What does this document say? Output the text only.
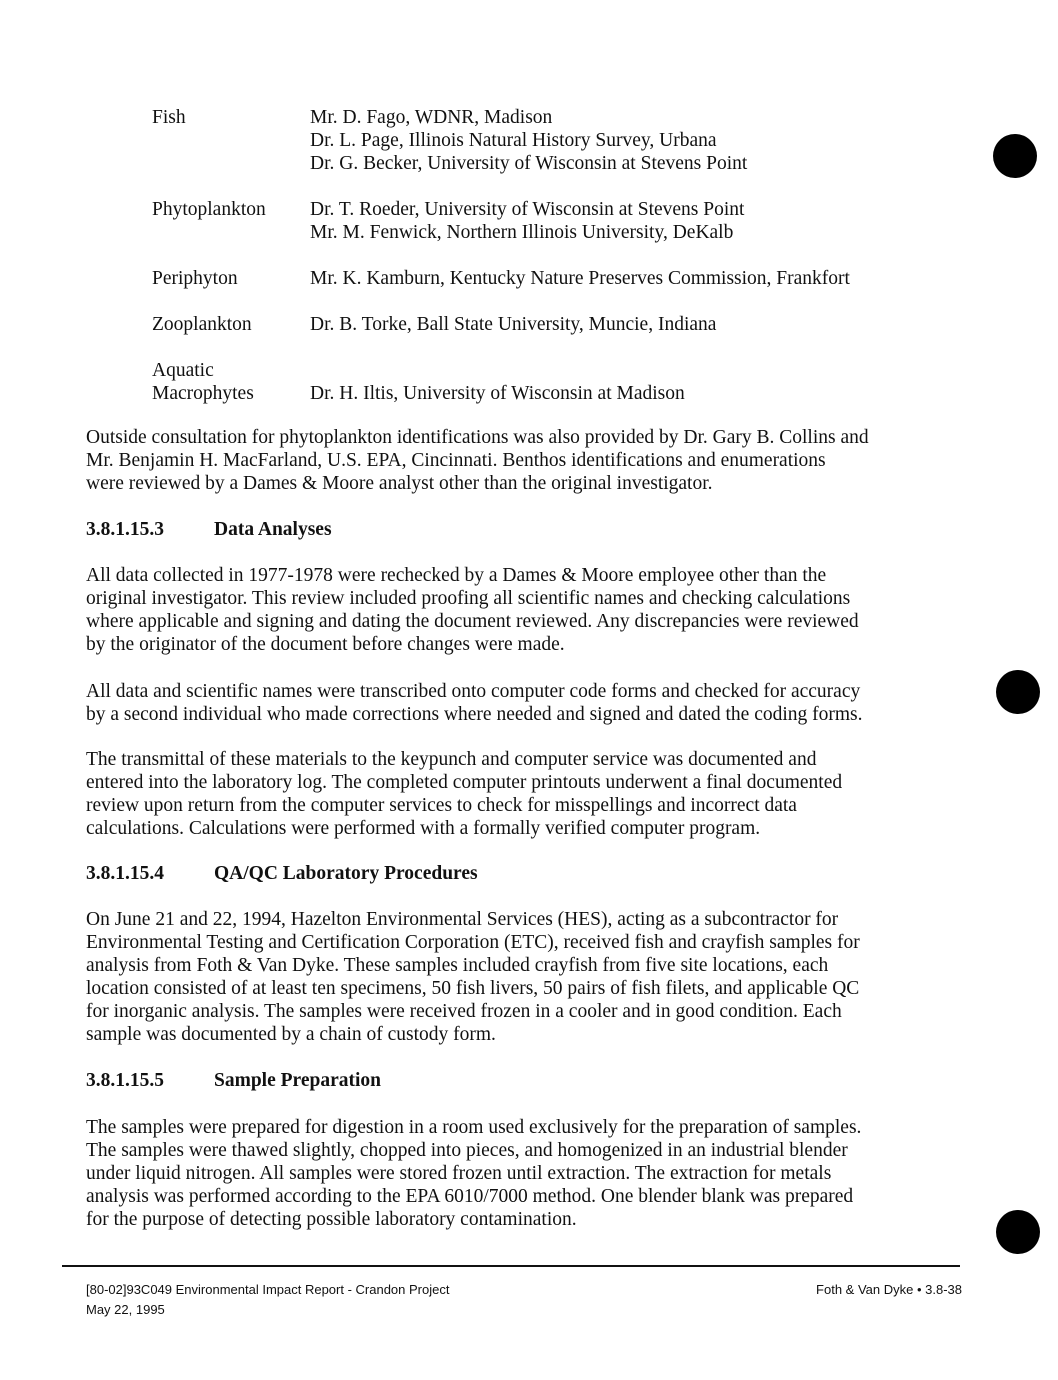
Fish	Mr. D. Fago, WDNR, Madison
Dr. L. Page, Illinois Natural History Survey, Urbana
Dr. G. Becker, University of Wisconsin at Stevens Point
Phytoplankton	Dr. T. Roeder, University of Wisconsin at Stevens Point
Mr. M. Fenwick, Northern Illinois University, DeKalb
Periphyton	Mr. K. Kamburn, Kentucky Nature Preserves Commission, Frankfort
Zooplankton	Dr. B. Torke, Ball State University, Muncie, Indiana
Aquatic
Macrophytes	Dr. H. Iltis, University of Wisconsin at Madison
Outside consultation for phytoplankton identifications was also provided by Dr. Gary B. Collins and
Mr. Benjamin H. MacFarland, U.S. EPA, Cincinnati. Benthos identifications and enumerations
were reviewed by a Dames & Moore analyst other than the original investigator.
3.8.1.15.3	Data Analyses
All data collected in 1977-1978 were rechecked by a Dames & Moore employee other than the
original investigator. This review included proofing all scientific names and checking calculations
where applicable and signing and dating the document reviewed. Any discrepancies were reviewed
by the originator of the document before changes were made.
All data and scientific names were transcribed onto computer code forms and checked for accuracy
by a second individual who made corrections where needed and signed and dated the coding forms.
The transmittal of these materials to the keypunch and computer service was documented and
entered into the laboratory log. The completed computer printouts underwent a final documented
review upon return from the computer services to check for misspellings and incorrect data
calculations. Calculations were performed with a formally verified computer program.
3.8.1.15.4	QA/QC Laboratory Procedures
On June 21 and 22, 1994, Hazelton Environmental Services (HES), acting as a subcontractor for
Environmental Testing and Certification Corporation (ETC), received fish and crayfish samples for
analysis from Foth & Van Dyke. These samples included crayfish from five site locations, each
location consisted of at least ten specimens, 50 fish livers, 50 pairs of fish filets, and applicable QC
for inorganic analysis. The samples were received frozen in a cooler and in good condition. Each
sample was documented by a chain of custody form.
3.8.1.15.5	Sample Preparation
The samples were prepared for digestion in a room used exclusively for the preparation of samples.
The samples were thawed slightly, chopped into pieces, and homogenized in an industrial blender
under liquid nitrogen. All samples were stored frozen until extraction. The extraction for metals
analysis was performed according to the EPA 6010/7000 method. One blender blank was prepared
for the purpose of detecting possible laboratory contamination.
[80-02]93C049 Environmental Impact Report - Crandon Project
May 22, 1995
Foth & Van Dyke • 3.8-38
